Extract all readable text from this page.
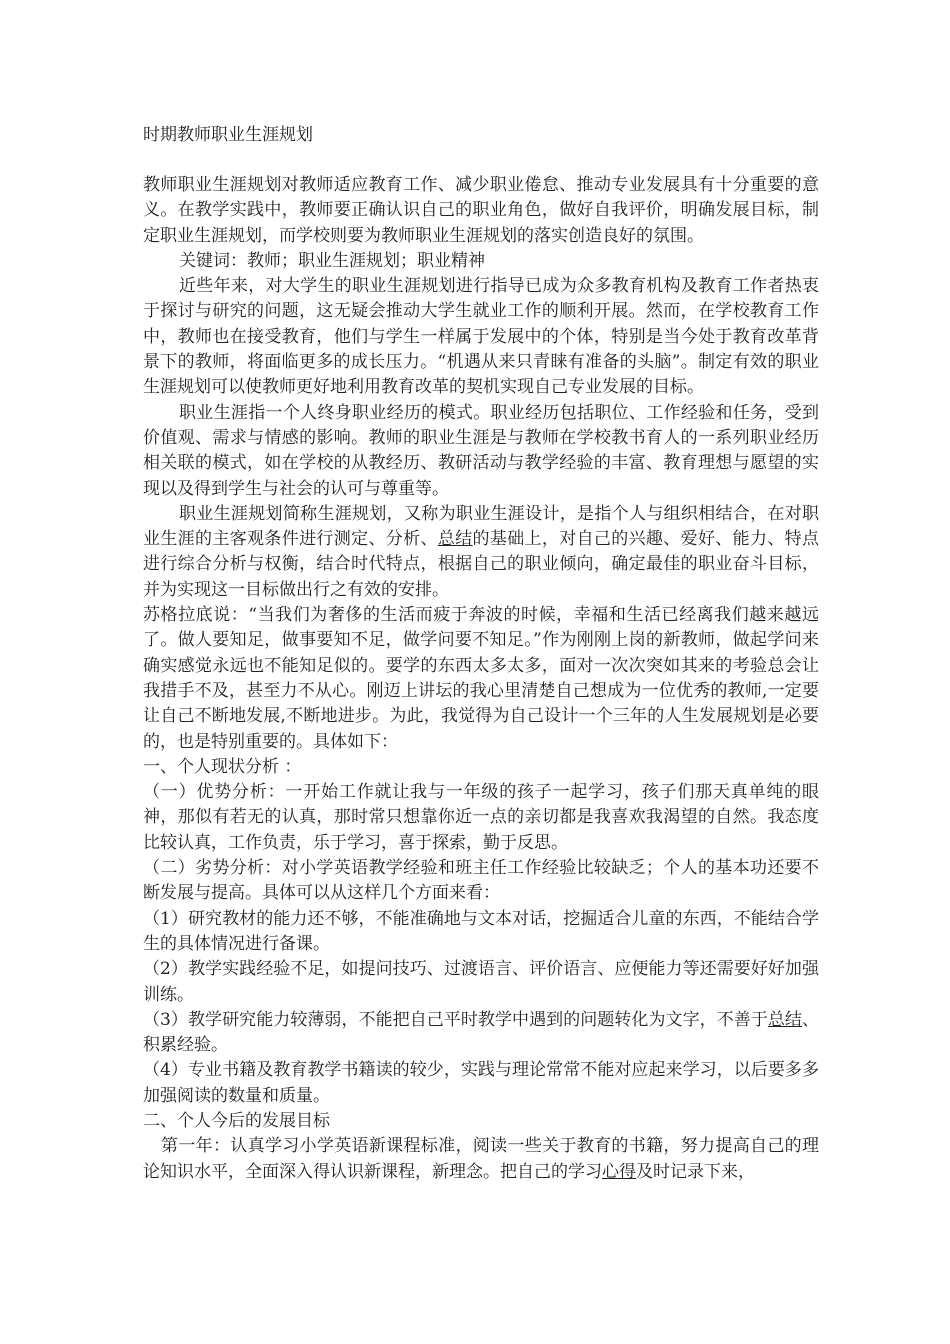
时期教师职业生涯规划

教师职业生涯规划对教师适应教育工作、减少职业倦怠、推动专业发展具有十分重要的意义。在教学实践中，教师要正确认识自己的职业角色，做好自我评价，明确发展目标，制定职业生涯规划，而学校则要为教师职业生涯规划的落实创造良好的氛围。

关键词：教师；职业生涯规划；职业精神

近些年来，对大学生的职业生涯规划进行指导已成为众多教育机构及教育工作者热衷于探讨与研究的问题，这无疑会推动大学生就业工作的顺利开展。然而，在学校教育工作中，教师也在接受教育，他们与学生一样属于发展中的个体，特别是当今处于教育改革背景下的教师，将面临更多的成长压力。“机遇从来只青睐有准备的头脑”。制定有效的职业生涯规划可以使教师更好地利用教育改革的契机实现自己专业发展的目标。

职业生涯指一个人终身职业经历的模式。职业经历包括职位、工作经验和任务，受到价值观、需求与情感的影响。教师的职业生涯是与教师在学校教书育人的一系列职业经历相关联的模式，如在学校的从教经历、教研活动与教学经验的丰富、教育理想与愿望的实现以及得到学生与社会的认可与尊重等。

职业生涯规划简称生涯规划，又称为职业生涯设计，是指个人与组织相结合，在对职业生涯的主客观条件进行测定、分析、总结的基础上，对自己的兴趣、爱好、能力、特点进行综合分析与权衡，结合时代特点，根据自己的职业倾向，确定最佳的职业奋斗目标，并为实现这一目标做出行之有效的安排。

苏格拉底说：“当我们为奢侈的生活而疲于奔波的时候，幸福和生活已经离我们越来越远了。做人要知足，做事要知不足，做学问要不知足。”作为刚刚上岗的新教师，做起学问来确实感觉永远也不能知足似的。要学的东西太多太多，面对一次次突如其来的考验总会让我措手不及，甚至力不从心。刚迈上讲坛的我心里清楚自己想成为一位优秀的教师,一定要让自己不断地发展,不断地进步。为此，我觉得为自己设计一个三年的人生发展规划是必要的，也是特别重要的。具体如下：

一、个人现状分析 ：

（一）优势分析：一开始工作就让我与一年级的孩子一起学习，孩子们那天真单纯的眼神，那似有若无的认真，那时常只想靠你近一点的亲切都是我喜欢我渴望的自然。我态度比较认真，工作负责，乐于学习，喜于探索，勤于反思。

（二）劣势分析：对小学英语教学经验和班主任工作经验比较缺乏；个人的基本功还要不断发展与提高。具体可以从这样几个方面来看：

（1）研究教材的能力还不够，不能准确地与文本对话，挖掘适合儿童的东西，不能结合学生的具体情况进行备课。

（2）教学实践经验不足，如提问技巧、过渡语言、评价语言、应便能力等还需要好好加强训练。

（3）教学研究能力较薄弱，不能把自己平时教学中遇到的问题转化为文字，不善于总结、积累经验。

（4）专业书籍及教育教学书籍读的较少，实践与理论常常不能对应起来学习，以后要多多加强阅读的数量和质量。

二、个人今后的发展目标

第一年：认真学习小学英语新课程标准，阅读一些关于教育的书籍，努力提高自己的理论知识水平，全面深入得认识新课程，新理念。把自己的学习心得及时记录下来，
